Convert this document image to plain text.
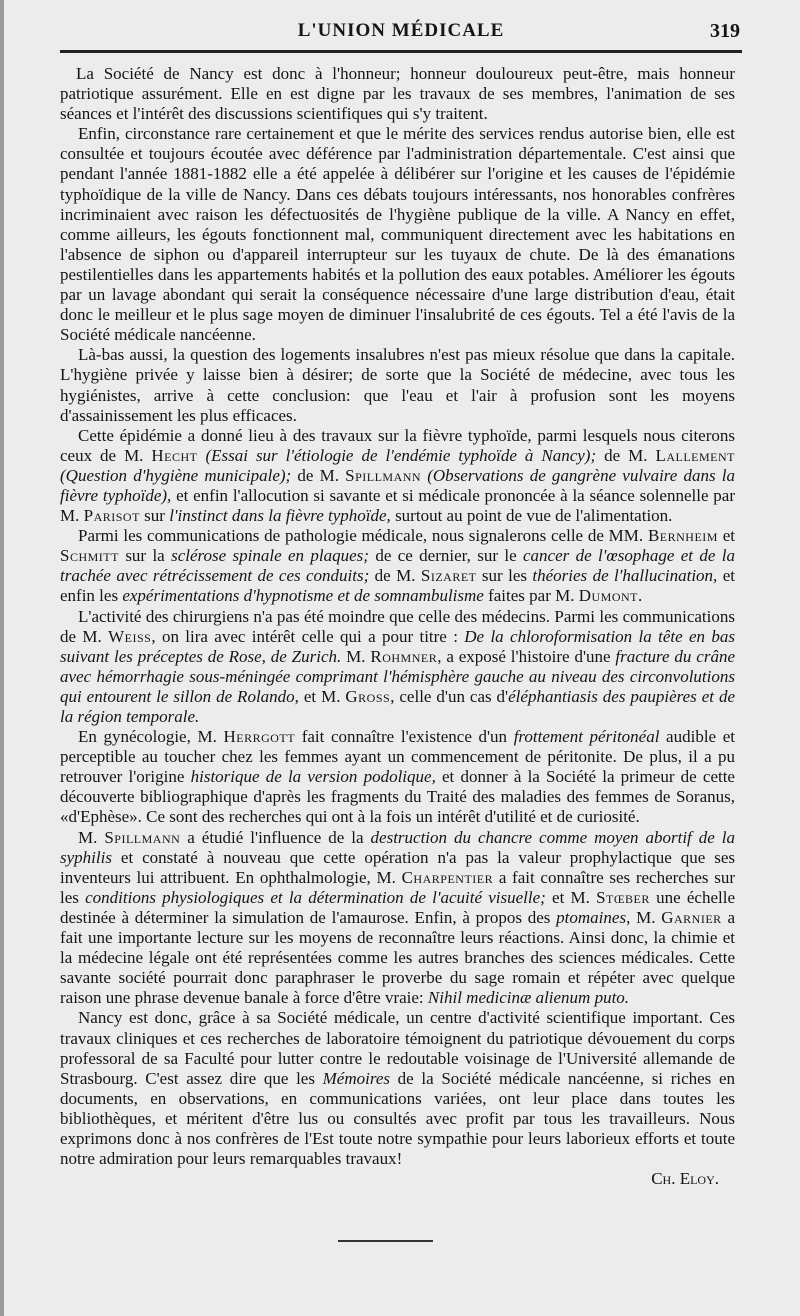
L'UNION MÉDICALE	319

La Société de Nancy est donc à l'honneur; honneur douloureux peut-être, mais honneur patriotique assurément. Elle en est digne par les travaux de ses membres, l'animation de ses séances et l'intérêt des discussions scientifiques qui s'y traitent.

Enfin, circonstance rare certainement et que le mérite des services rendus autorise bien, elle est consultée et toujours écoutée avec déférence par l'administration départementale. C'est ainsi que pendant l'année 1881-1882 elle a été appelée à délibérer sur l'origine et les causes de l'épidémie typhoïdique de la ville de Nancy. Dans ces débats toujours intéressants, nos honorables confrères incriminaient avec raison les défectuosités de l'hygiène publique de la ville. A Nancy en effet, comme ailleurs, les égouts fonctionnent mal, communiquent directement avec les habitations en l'absence de siphon ou d'appareil interrupteur sur les tuyaux de chute. De là des émanations pestilentielles dans les appartements habités et la pollution des eaux potables. Améliorer les égouts par un lavage abondant qui serait la conséquence nécessaire d'une large distribution d'eau, était donc le meilleur et le plus sage moyen de diminuer l'insalubrité de ces égouts. Tel a été l'avis de la Société médicale nancéenne.

Là-bas aussi, la question des logements insalubres n'est pas mieux résolue que dans la capitale. L'hygiène privée y laisse bien à désirer; de sorte que la Société de médecine, avec tous les hygiénistes, arrive à cette conclusion: que l'eau et l'air à profusion sont les moyens d'assainissement les plus efficaces.

Cette épidémie a donné lieu à des travaux sur la fièvre typhoïde, parmi lesquels nous citerons ceux de M. Hecht (Essai sur l'étiologie de l'endémie typhoïde à Nancy); de M. Lallement (Question d'hygiène municipale); de M. Spillmann (Observations de gangrène vulvaire dans la fièvre typhoïde), et enfin l'allocution si savante et si médicale prononcée à la séance solennelle par M. Parisot sur l'instinct dans la fièvre typhoïde, surtout au point de vue de l'alimentation.

Parmi les communications de pathologie médicale, nous signalerons celle de MM. Bernheim et Schmitt sur la sclérose spinale en plaques; de ce dernier, sur le cancer de l'œsophage et de la trachée avec rétrécissement de ces conduits; de M. Sizaret sur les théories de l'hallucination, et enfin les expérimentations d'hypnotisme et de somnambulisme faites par M. Dumont.

L'activité des chirurgiens n'a pas été moindre que celle des médecins. Parmi les communications de M. Weiss, on lira avec intérêt celle qui a pour titre : De la chloroformisation la tête en bas suivant les préceptes de Rose, de Zurich. M. Rohmner, a exposé l'histoire d'une fracture du crâne avec hémorrhagie sous-méningée comprimant l'hémisphère gauche au niveau des circonvolutions qui entourent le sillon de Rolando, et M. Gross, celle d'un cas d'éléphantiasis des paupières et de la région temporale.

En gynécologie, M. Herrgott fait connaître l'existence d'un frottement péritonéal audible et perceptible au toucher chez les femmes ayant un commencement de péritonite. De plus, il a pu retrouver l'origine historique de la version podolique, et donner à la Société la primeur de cette découverte bibliographique d'après les fragments du Traité des maladies des femmes de Soranus, «d'Ephèse». Ce sont des recherches qui ont à la fois un intérêt d'utilité et de curiosité.

M. Spillmann a étudié l'influence de la destruction du chancre comme moyen abortif de la syphilis et constaté à nouveau que cette opération n'a pas la valeur prophylactique que ses inventeurs lui attribuent. En ophthalmologie, M. Charpentier a fait connaître ses recherches sur les conditions physiologiques et la détermination de l'acuité visuelle; et M. Stœber une échelle destinée à déterminer la simulation de l'amaurose. Enfin, à propos des ptomaines, M. Garnier a fait une importante lecture sur les moyens de reconnaître leurs réactions. Ainsi donc, la chimie et la médecine légale ont été représentées comme les autres branches des sciences médicales. Cette savante société pourrait donc paraphraser le proverbe du sage romain et répéter avec quelque raison une phrase devenue banale à force d'être vraie: Nihil medicinæ alienum puto.

Nancy est donc, grâce à sa Société médicale, un centre d'activité scientifique important. Ces travaux cliniques et ces recherches de laboratoire témoignent du patriotique dévouement du corps professoral de sa Faculté pour lutter contre le redoutable voisinage de l'Université allemande de Strasbourg. C'est assez dire que les Mémoires de la Société médicale nancéenne, si riches en documents, en observations, en communications variées, ont leur place dans toutes les bibliothèques, et méritent d'être lus ou consultés avec profit par tous les travailleurs. Nous exprimons donc à nos confrères de l'Est toute notre sympathie pour leurs laborieux efforts et toute notre admiration pour leurs remarquables travaux!

Ch. Eloy.
